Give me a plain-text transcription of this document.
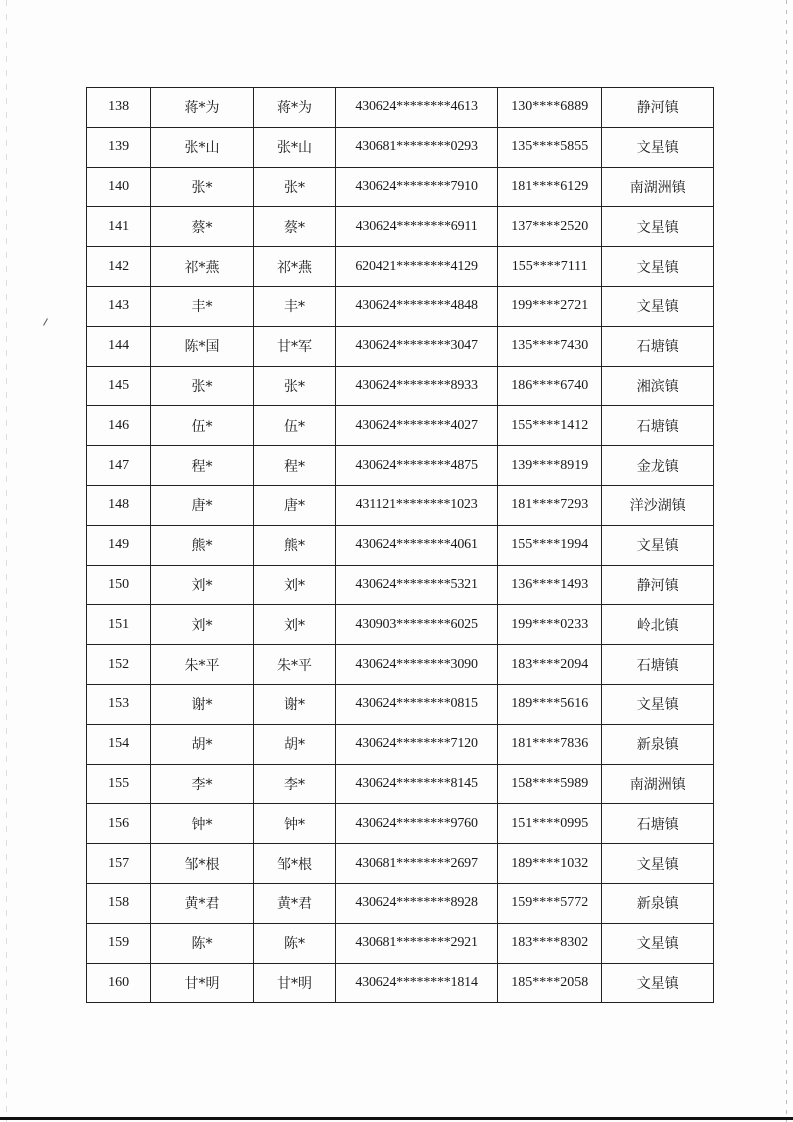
138	蒋*为	蒋*为	430624********4613	130****6889	静河镇
139	张*山	张*山	430681********0293	135****5855	文星镇
140	张*	张*	430624********7910	181****6129	南湖洲镇
141	蔡*	蔡*	430624********6911	137****2520	文星镇
142	祁*燕	祁*燕	620421********4129	155****7111	文星镇
143	丰*	丰*	430624********4848	199****2721	文星镇
144	陈*国	甘*军	430624********3047	135****7430	石塘镇
145	张*	张*	430624********8933	186****6740	湘滨镇
146	伍*	伍*	430624********4027	155****1412	石塘镇
147	程*	程*	430624********4875	139****8919	金龙镇
148	唐*	唐*	431121********1023	181****7293	洋沙湖镇
149	熊*	熊*	430624********4061	155****1994	文星镇
150	刘*	刘*	430624********5321	136****1493	静河镇
151	刘*	刘*	430903********6025	199****0233	岭北镇
152	朱*平	朱*平	430624********3090	183****2094	石塘镇
153	谢*	谢*	430624********0815	189****5616	文星镇
154	胡*	胡*	430624********7120	181****7836	新泉镇
155	李*	李*	430624********8145	158****5989	南湖洲镇
156	钟*	钟*	430624********9760	151****0995	石塘镇
157	邹*根	邹*根	430681********2697	189****1032	文星镇
158	黄*君	黄*君	430624********8928	159****5772	新泉镇
159	陈*	陈*	430681********2921	183****8302	文星镇
160	甘*明	甘*明	430624********1814	185****2058	文星镇
